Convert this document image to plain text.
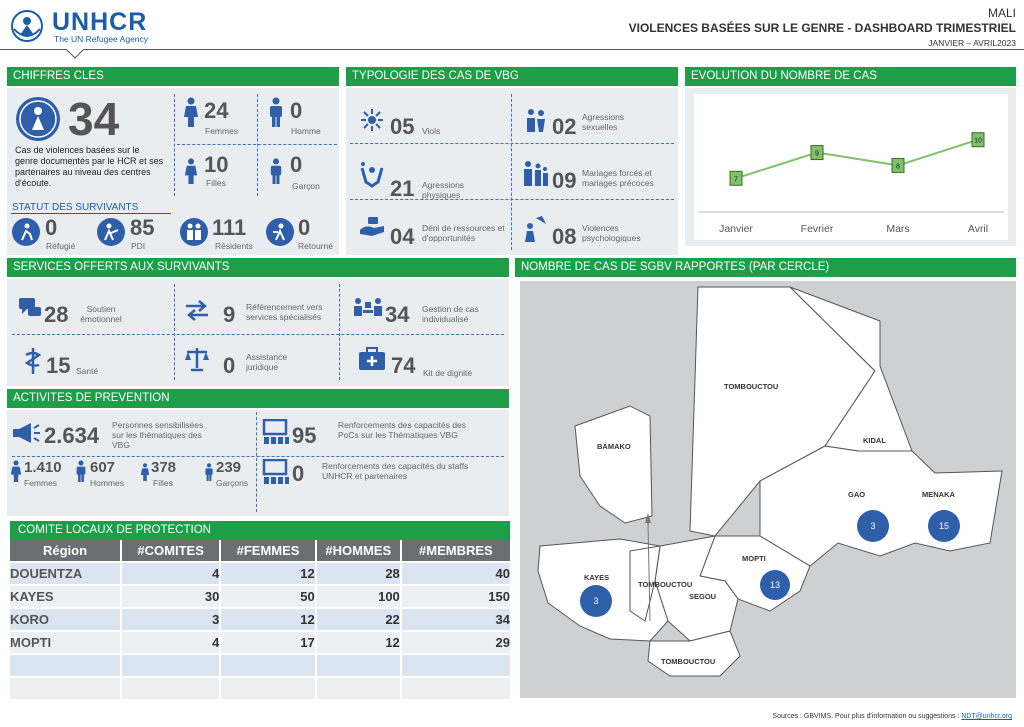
UNHCR
The UN Refugee Agency
MALI
VIOLENCES BASÉES SUR LE GENRE - DASHBOARD TRIMESTRIEL
JANVIER – AVRIL2023
CHIFFRES CLES
34
Cas de violences basées sur le genre documentés par le HCR et ses partenaires au niveau des centres d'écoute.
24
Femmes
0
Homme
10
Filles
0
Garçon
STATUT DES SURVIVANTS
0
Réfugié
85
PDI
111
Résidents
0
Retourné
TYPOLOGIE DES CAS DE VBG
05 Viols	02 Agressions sexuelles
21 Agressions physiques
09 Mariages forcés et mariages précoces
04 Déni de ressources et d'opportunités	08 Violences psychologiques
EVOLUTION DU NOMBRE DE CAS
7
9
8
10
Janvier	Fevrier	Mars	Avril
SERVICES OFFERTS AUX SURVIVANTS
28	Soutien émotionnel	9 Référencement vers services spécialisés	34 Gestion de cas individualisé
15 Santé	0 Assistance juridique	74 Kit de dignité
ACTIVITES DE PREVENTION
2.634 Personnes sensibilisées sur les thématiques des VBG
1.410
Femmes
607
Hommes
378
Filles
239
Garçons
95	Renforcements des capacités des PoCs sur les Thématiques VBG
0 Renforcements des capacités du staffs UNHCR et partenaires
COMITE LOCAUX DE PROTECTION
Région	#COMITES	#FEMMES	#HOMMES	#MEMBRES
DOUENTZA	4	12	28	40
KAYES	30	50	100	150
KORO	3	12	22	34
MOPTI	4	17	12	29

NOMBRE DE CAS DE SGBV RAPPORTES (PAR CERCLE)
TOMBOUCTOU
KIDAL
BAMAKO
GAO	MENAKA
MOPTI
KAYES
TOMBOUCTOU
SEGOU
TOMBOUCTOU
3	15
13
3
Sources : GBVIMS. Pour plus d'information ou suggestions : NDT@unhcr.org
